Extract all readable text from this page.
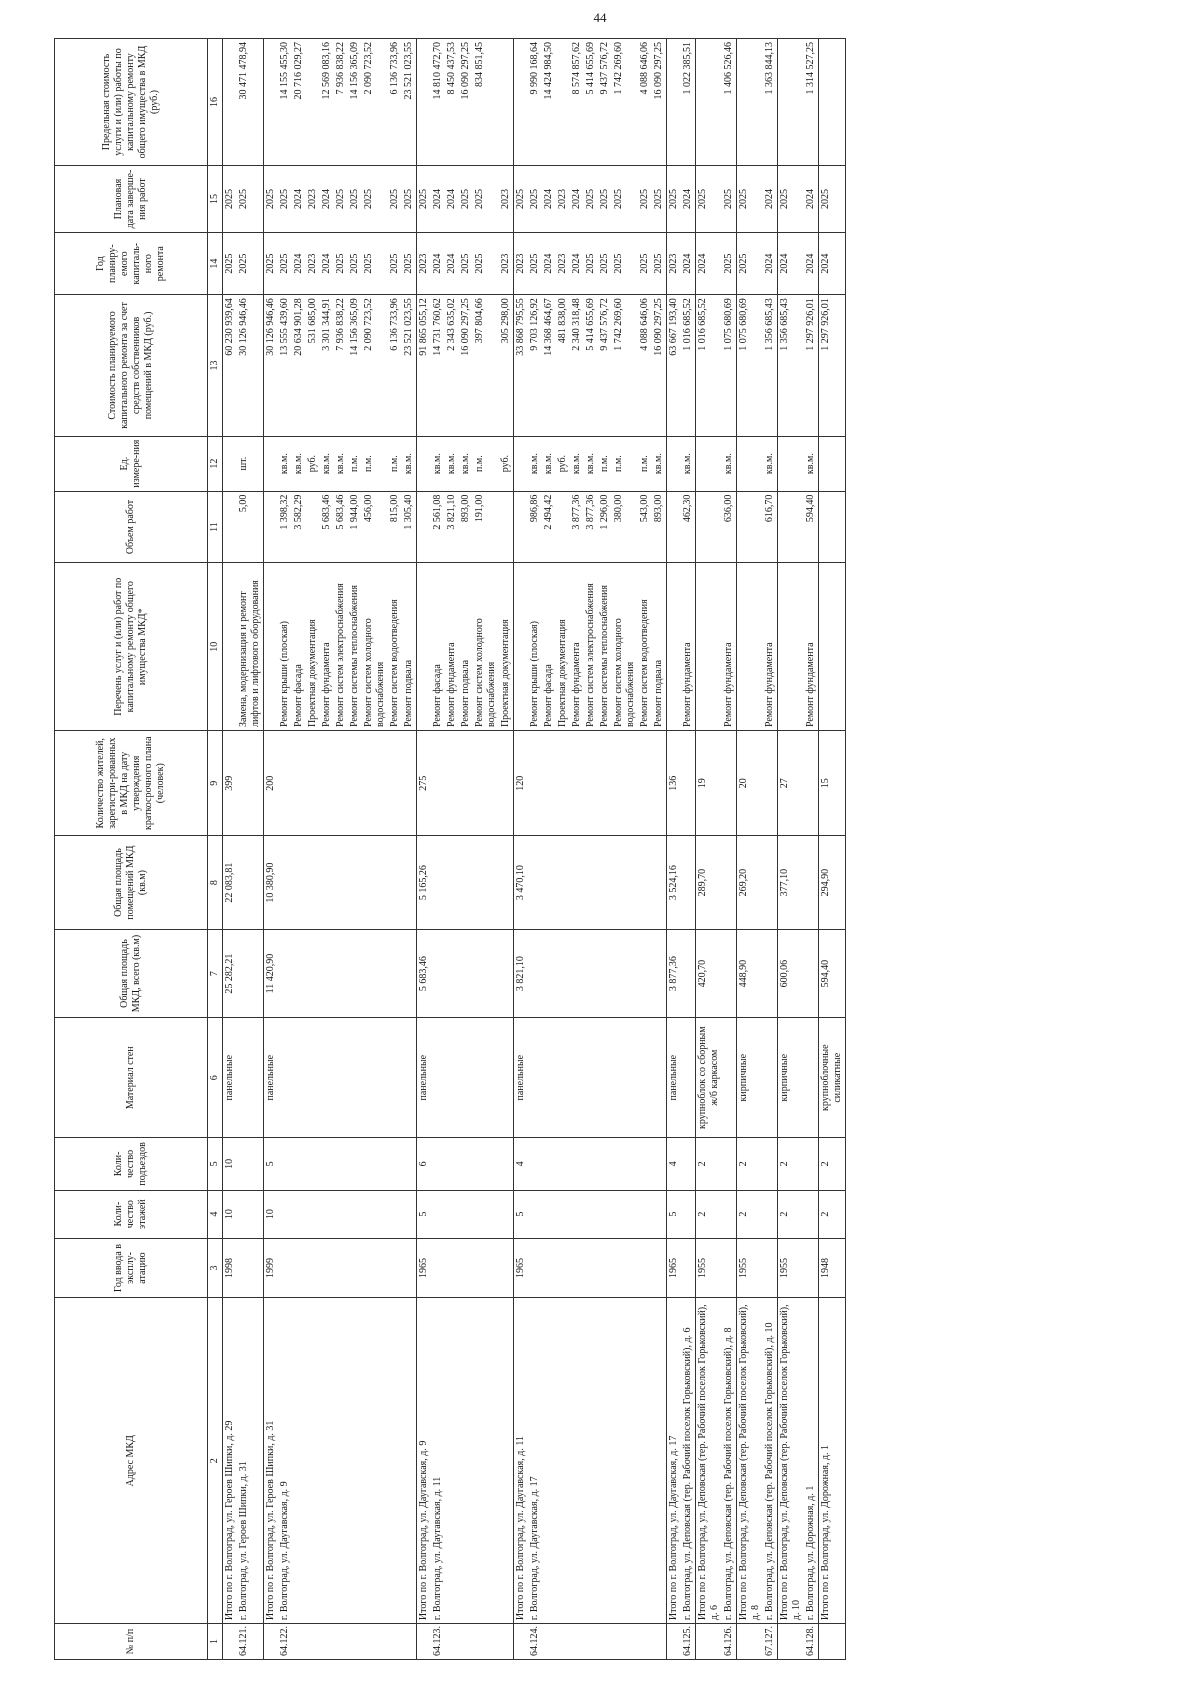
44
№ п/п	Адрес МКД	Год ввода в эксплу-атацию	Коли-чество этажей	Коли-чество подъездов	Материал стен	Общая площадь МКД, всего (кв.м)	Общая площадь помещений МКД (кв.м)	Количество жителей, зарегистри-рованных в МКД на дату утверждения краткосрочного плана (человек)	Перечень услуг и (или) работ по капитальному ремонту общего имущества МКД*	Объем работ	Ед. измере-ния	Стоимость планируемого капитального ремонта за счет средств собственников помещений в МКД (руб.)	Год планиру-емого капиталь-ного ремонта	Плановая дата заверше-ния работ	Предельная стоимость услуги и (или) работы по капитальному ремонту общего имущества в МКД (руб.)
1	2	3	4	5	6	7	8	9	10	11	12	13	14	15	16
	Итого по г. Волгоград, ул. Героев Шипки, д. 29	1998	10	10	панельные	25 282,21	22 083,81	399				60 230 939,64	2025	2025	
64.121.	г. Волгоград, ул. Героев Шипки, д. 31								Замена, модернизация и ремонт лифтов и лифтового оборудования	5,00	шт.	30 126 946,46	2025	2025	30 471 478,94
	Итого по г. Волгоград, ул. Героев Шипки, д. 31	1999	10	5	панельные	11 420,90	10 380,90	200				30 126 946,46	2025	2025	
64.122.	г. Волгоград, ул. Даугавская, д. 9								Ремонт крыши (плоская)	1 398,32	кв.м.	13 555 439,60	2025	2025	14 155 455,30
									Ремонт фасада	3 582,29	кв.м.	20 634 901,28	2024	2024	20 716 029,27
									Проектная документация		руб.	531 685,00	2023	2023	
									Ремонт фундамента	5 683,46	кв.м.	3 301 344,91	2024	2024	12 569 083,16
									Ремонт систем электроснабжения	5 683,46	кв.м.	7 936 838,22	2025	2025	7 936 838,22
									Ремонт системы теплоснабжения	1 944,00	п.м.	14 156 365,09	2025	2025	14 156 365,09
									Ремонт систем холодного водоснабжения	456,00	п.м.	2 090 723,52	2025	2025	2 090 723,52
									Ремонт систем водоотведения	815,00	п.м.	6 136 733,96	2025	2025	6 136 733,96
									Ремонт подвала	1 305,40	кв.м.	23 521 023,55	2025	2025	23 521 023,55
	Итого по г. Волгоград, ул. Даугавская, д. 9	1965	5	6	панельные	5 683,46	5 165,26	275				91 865 055,12	2023	2025	
64.123.	г. Волгоград, ул. Даугавская, д. 11								Ремонт фасада	2 561,08	кв.м.	14 731 760,62	2024	2024	14 810 472,70
									Ремонт фундамента	3 821,10	кв.м.	2 343 635,02	2024	2024	8 450 437,53
									Ремонт подвала	893,00	кв.м.	16 090 297,25	2025	2025	16 090 297,25
									Ремонт систем холодного водоснабжения	191,00	п.м.	397 804,66	2025	2025	834 851,45
									Проектная документация		руб.	305 298,00	2023	2023	
	Итого по г. Волгоград, ул. Даугавская, д. 11	1965	5	4	панельные	3 821,10	3 470,10	120				33 868 795,55	2023	2025	
64.124.	г. Волгоград, ул. Даугавская, д. 17								Ремонт крыши (плоская)	986,86	кв.м.	9 703 126,92	2025	2025	9 990 168,64
									Ремонт фасада	2 494,42	кв.м.	14 368 464,67	2024	2024	14 424 984,50
									Проектная документация		руб.	481 838,00	2023	2023	
									Ремонт фундамента	3 877,36	кв.м.	2 340 318,48	2024	2024	8 574 857,62
									Ремонт систем электроснабжения	3 877,36	кв.м.	5 414 655,69	2025	2025	5 414 655,69
									Ремонт системы теплоснабжения	1 296,00	п.м.	9 437 576,72	2025	2025	9 437 576,72
									Ремонт систем холодного водоснабжения	380,00	п.м.	1 742 269,60	2025	2025	1 742 269,60
									Ремонт систем водоотведения	543,00	п.м.	4 088 646,06	2025	2025	4 088 646,06
									Ремонт подвала	893,00	кв.м.	16 090 297,25	2025	2025	16 090 297,25
	Итого по г. Волгоград, ул. Даугавская, д. 17	1965	5	4	панельные	3 877,36	3 524,16	136				63 667 193,40	2023	2025	
64.125.	г. Волгоград, ул. Деповская (тер. Рабочий поселок Горьковский), д. 6								Ремонт фундамента	462,30	кв.м.	1 016 685,52	2024	2024	1 022 385,51
	Итого по г. Волгоград, ул. Деповская (тер. Рабочий поселок Горьковский), д. 6	1955	2	2	крупноблок со сборным ж/б каркасом	420,70	289,70	19				1 016 685,52	2024	2025	
64.126.	г. Волгоград, ул. Деповская (тер. Рабочий поселок Горьковский), д. 8								Ремонт фундамента	636,00	кв.м.	1 075 680,69	2025	2025	1 406 526,46
	Итого по г. Волгоград, ул. Деповская (тер. Рабочий поселок Горьковский), д. 8	1955	2	2	кирпичные	448,90	269,20	20				1 075 680,69	2025	2025	
67.127.	г. Волгоград, ул. Деповская (тер. Рабочий поселок Горьковский), д. 10								Ремонт фундамента	616,70	кв.м.	1 356 685,43	2024	2024	1 363 844,13
	Итого по г. Волгоград, ул. Деповская (тер. Рабочий поселок Горьковский), д. 10	1955	2	2	кирпичные	600,06	377,10	27				1 356 685,43	2024	2025	
64.128.	г. Волгоград, ул. Дорожная, д. 1								Ремонт фундамента	594,40	кв.м.	1 297 926,01	2024	2024	1 314 527,25
	Итого по г. Волгоград, ул. Дорожная, д. 1	1948	2	2	крупноблочные силикатные	594,40	294,90	15				1 297 926,01	2024	2025	
